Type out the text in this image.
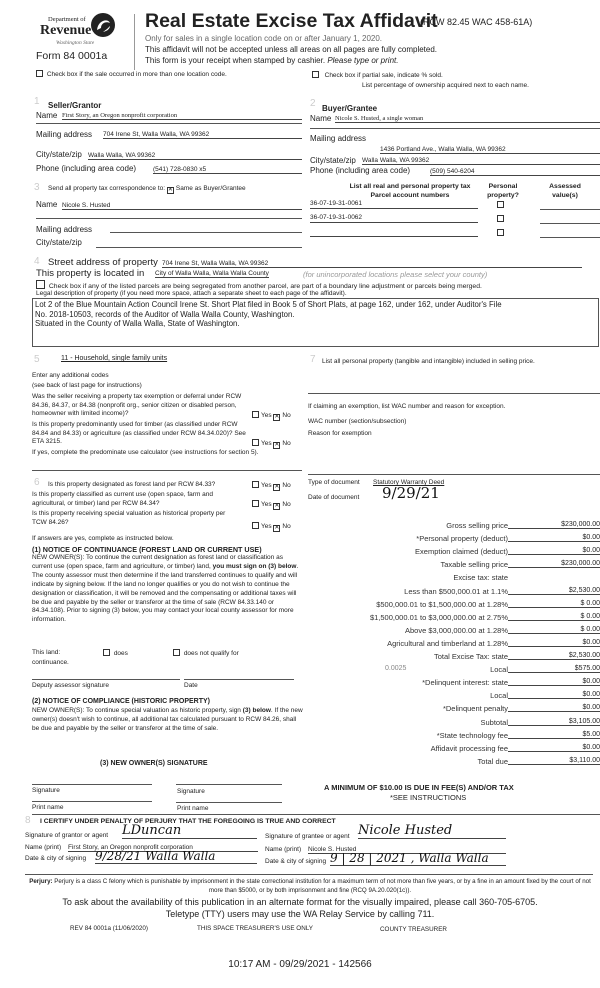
Department of
Revenue
Washington State
Form 84 0001a
Real Estate Excise Tax Affidavit
(RCW 82.45 WAC 458-61A)
Only for sales in a single location code on or after January 1, 2020.
This affidavit will not be accepted unless all areas on all pages are fully completed.
This form is your receipt when stamped by cashier. Please type or print.
Check box if the sale occurred in more than one location code.	Check box if partial sale, indicate % sold.
List percentage of ownership acquired next to each name.
1 Seller/Grantor
Name First Story, an Oregon nonprofit corporation
Mailing address 704 Irene St, Walla Walla, WA 99362
City/state/zip Walla Walla, WA 99362
Phone (including area code)	(541) 728-0830 x5
3 Send all property tax correspondence to: ✕ Same as Buyer/Grantee
Name Nicole S. Husted
Mailing address
City/state/zip
2 Buyer/Grantee
Name Nicole S. Husted, a single woman
Mailing address
1436 Portland Ave., Walla Walla, WA 99362
City/state/zip Walla Walla, WA 99362
Phone (including area code)	(509) 540-6204
List all real and personal property tax
Parcel account numbers
Personal
property?
Assessed
value(s)
36-07-19-31-0061
36-07-19-31-0062
4 Street address of property 704 Irene St, Walla Walla, WA 99362
This property is located in City of Walla Walla, Walla Walla County	(for unincorporated locations please select your county)
Check box if any of the listed parcels are being segregated from another parcel, are part of a boundary line adjustment or parcels being merged.
Legal description of property (if you need more space, attach a separate sheet to each page of the affidavit).
Lot 2 of the Blue Mountain Action Council Irene St. Short Plat filed in Book 5 of Short Plats, at page 162, under 162, under Auditor's File
No. 2018-10503, records of the Auditor of Walla Walla County, Washington.
Situated in the County of Walla Walla, State of Washington.
5	11 - Household, single family units
Enter any additional codes
(see back of last page for instructions)
Was the seller receiving a property tax exemption or deferral under RCW 84.36, 84.37, or 84.38 (nonprofit org., senior citizen or disabled person, homeowner with limited income)?	Yes ✕ No
Is this property predominantly used for timber (as classified under RCW 84.84 and 84.33) or agriculture (as classified under RCW 84.34.020)? See ETA 3215.	Yes ✕ No
If yes, complete the predominate use calculator (see instructions for section 5).
7 List all personal property (tangible and intangible) included in selling price.
If claiming an exemption, list WAC number and reason for exception.
WAC number (section/subsection)
Reason for exemption
6 Is this property designated as forest land per RCW 84.33?	Yes ✕ No
Is this property classified as current use (open space, farm and agricultural, or timber) land per RCW 84.34?	Yes ✕ No
Is this property receiving special valuation as historical property per TCW 84.26?
Yes ✕ No
If answers are yes, complete as instructed below.
(1) NOTICE OF CONTINUANCE (FOREST LAND OR CURRENT USE)
NEW OWNER(S): To continue the current designation as forest land or classification as current use (open space, farm and agriculture, or timber) land, you must sign on (3) below. The county assessor must then determine if the land transferred continues to qualify and will indicate by signing below. If the land no longer qualifies or you do not wish to continue the designation or classification, it will be removed and the compensating or additional taxes will be due and payable by the seller or transferor at the time of sale (RCW 84.33.140 or 84.34.108). Prior to signing (3) below, you may contact your local county assessor for more information.
This land:
continuance.
does	does not qualify for
Deputy assessor signature	Date
(2) NOTICE OF COMPLIANCE (HISTORIC PROPERTY)
NEW OWNER(S): To continue special valuation as historic property, sign (3) below. If the new owner(s) doesn't wish to continue, all additional tax calculated pursuant to RCW 84.26, shall be due and payable by the seller or transferor at the time of sale.
(3) NEW OWNER(S) SIGNATURE
Signature	Signature
Print name	Print name
Type of document Statutory Warranty Deed
Date of document 9/29/21
Gross selling price	$230,000.00
*Personal property (deduct)	$0.00
Exemption claimed (deduct)	$0.00
Taxable selling price	$230,000.00
Excise tax: state
Less than $500,000.01 at 1.1%	$2,530.00
$500,000.01 to $1,500,000.00 at 1.28%	$ 0.00
$1,500,000.01 to $3,000,000.00 at 2.75%	$ 0.00
Above $3,000,000.00 at 1.28%	$ 0.00
Agricultural and timberland at 1.28%	$0.00
Total Excise Tax: state	$2,530.00
Local	$575.00
0.0025
*Delinquent interest: state	$0.00
Local	$0.00
*Delinquent penalty	$0.00
Subtotal	$3,105.00
*State technology fee	$5.00
Affidavit processing fee	$0.00
Total due	$3,110.00
A MINIMUM OF $10.00 IS DUE IN FEE(S) AND/OR TAX
*SEE INSTRUCTIONS
8 I CERTIFY UNDER PENALTY OF PERJURY THAT THE FOREGOING IS TRUE AND CORRECT
Signature of grantor or agent LDuncan
Name (print) First Story, an Oregon nonprofit corporation
Date & city of signing 9/28/21 Walla Walla
Signature of grantee or agent Nicole Husted
Name (print) Nicole S. Husted
Date & city of signing 9 | 28 | 2021 , Walla Walla
Perjury: Perjury is a class C felony which is punishable by imprisonment in the state correctional institution for a maximum term of not more than five years, or by a fine in an amount fixed by the court of not more than $5000, or by both imprisonment and fine (RCQ 9A.20.020(1c)).
To ask about the availability of this publication in an alternate format for the visually impaired, please call 360-705-6705.
Teletype (TTY) users may use the WA Relay Service by calling 711.
REV 84 0001a (11/06/2020)	THIS SPACE TREASURER'S USE ONLY	COUNTY TREASURER
10:17 AM - 09/29/2021 - 142566
